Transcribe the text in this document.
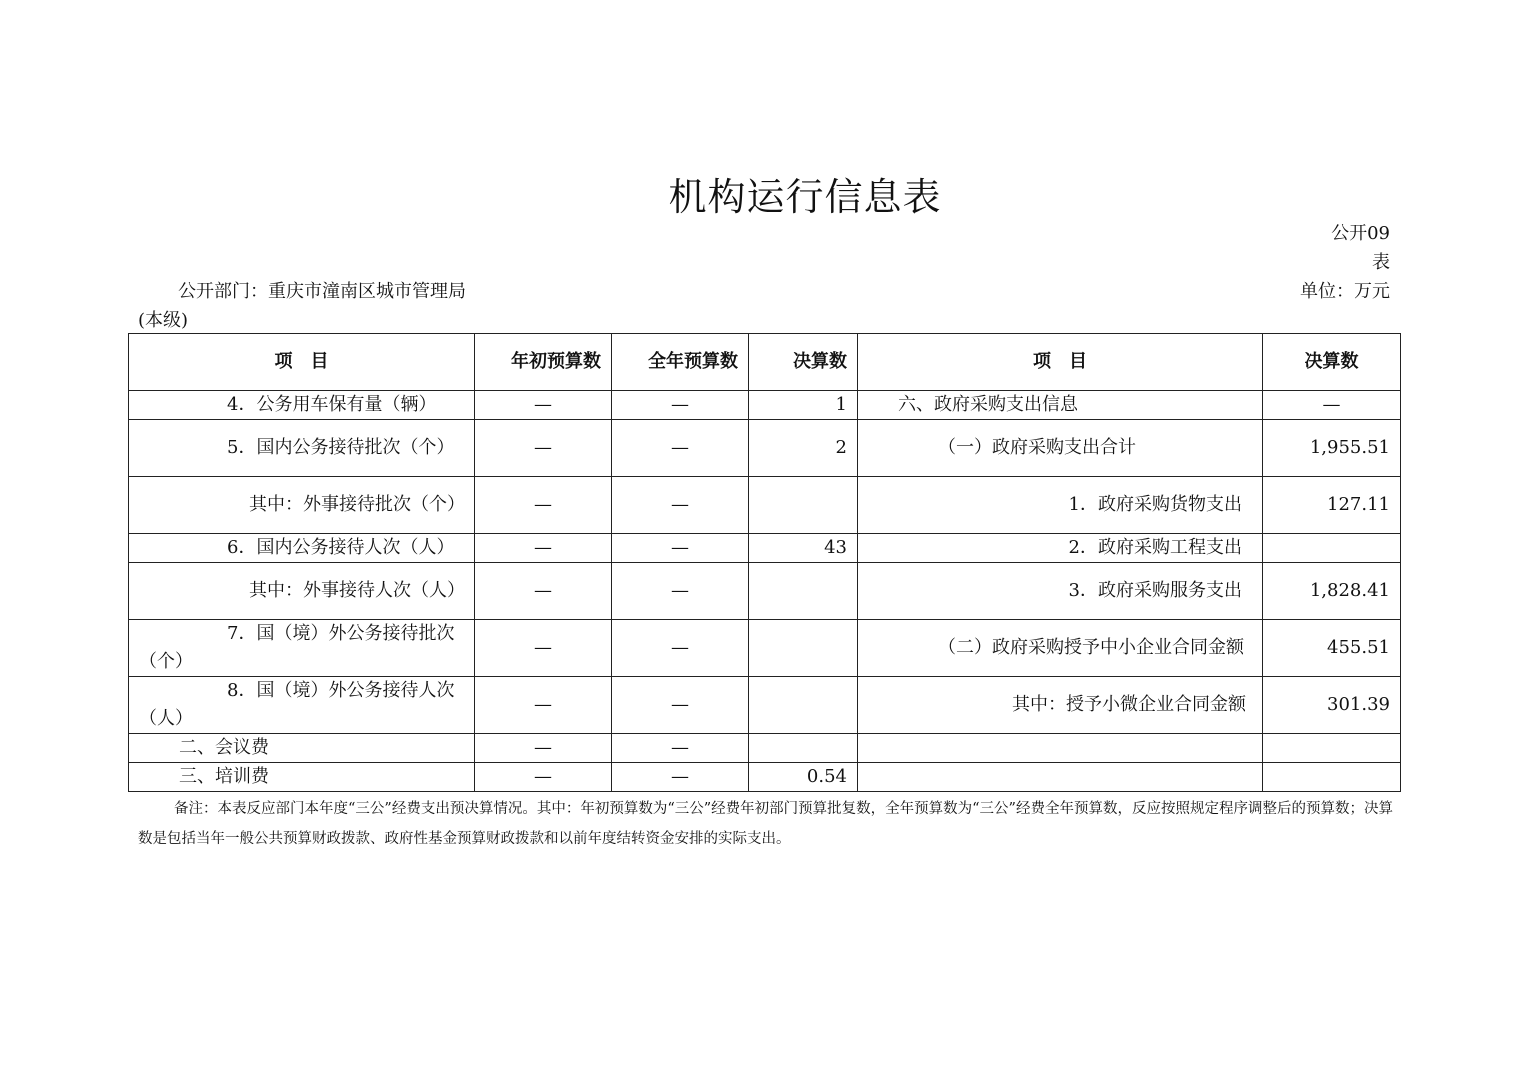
机构运行信息表
公开09表
公开部门：重庆市潼南区城市管理局(本级)
单位：万元
项　目	年初预算数	全年预算数	决算数	项　目	决算数
4．公务用车保有量（辆）	—	—	1	六、政府采购支出信息	—
5．国内公务接待批次（个）	—	—	2	（一）政府采购支出合计	1,955.51
其中：外事接待批次（个）	—	—		1．政府采购货物支出	127.11
6．国内公务接待人次（人）	—	—	43	2．政府采购工程支出	
其中：外事接待人次（人）	—	—		3．政府采购服务支出	1,828.41
7．国（境）外公务接待批次（个）	—	—		（二）政府采购授予中小企业合同金额	455.51
8．国（境）外公务接待人次（人）	—	—		其中：授予小微企业合同金额	301.39
二、会议费	—	—			
三、培训费	—	—	0.54		
备注：本表反应部门本年度“三公”经费支出预决算情况。其中：年初预算数为“三公”经费年初部门预算批复数，全年预算数为“三公”经费全年预算数，反应按照规定程序调整后的预算数；决算数是包括当年一般公共预算财政拨款、政府性基金预算财政拨款和以前年度结转资金安排的实际支出。
